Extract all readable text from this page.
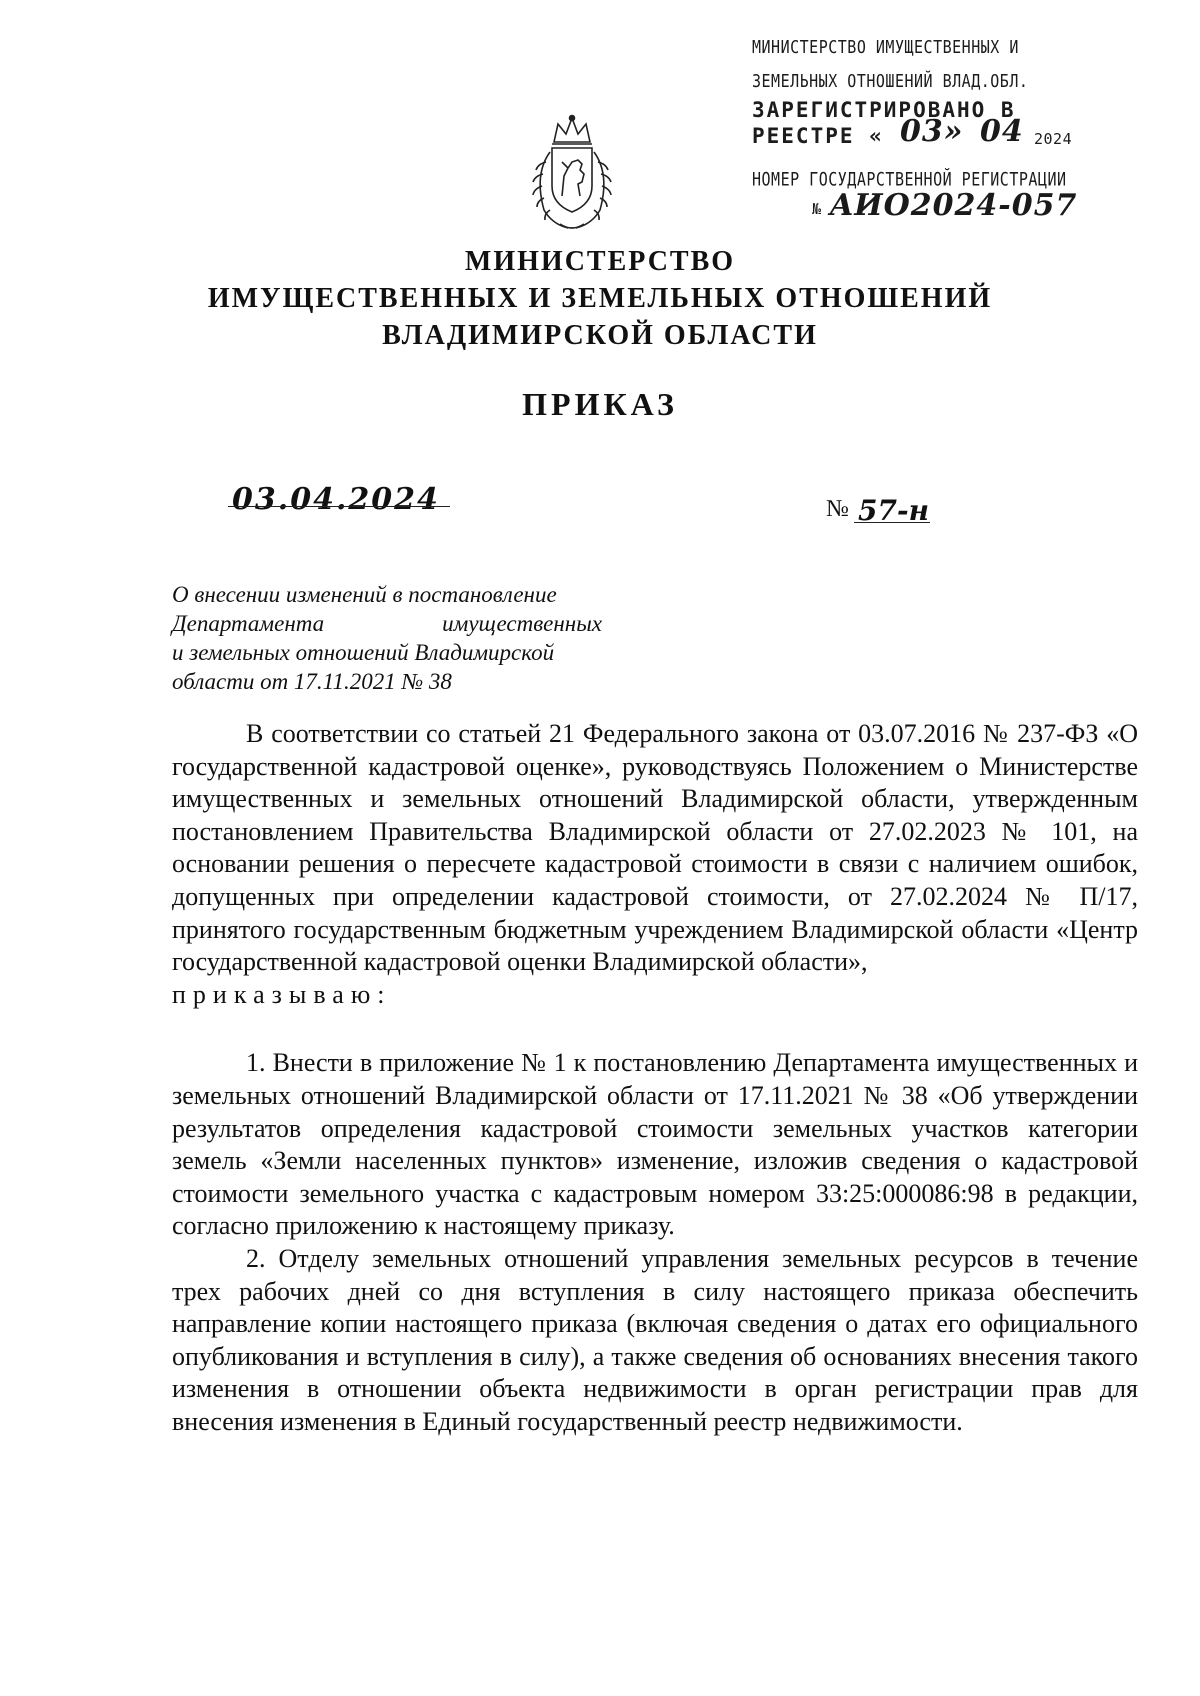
МИНИСТЕРСТВО ИМУЩЕСТВЕННЫХ И
ЗЕМЕЛЬНЫХ ОТНОШЕНИЙ ВЛАД.ОБЛ.
ЗАРЕГИСТРИРОВАНО В
РЕЕСТРЕ « 03» 04 2024
НОМЕР ГОСУДАРСТВЕННОЙ РЕГИСТРАЦИИ
№ AИО2024-057
МИНИСТЕРСТВО
ИМУЩЕСТВЕННЫХ И ЗЕМЕЛЬНЫХ ОТНОШЕНИЙ
ВЛАДИМИРСКОЙ ОБЛАСТИ
ПРИКАЗ
03.04.2024	№ 57-н
О внесении изменений в постановление
Департамента	имущественных
и земельных отношений Владимирской
области от 17.11.2021 № 38

В соответствии со статьей 21 Федерального закона от 03.07.2016 № 237-ФЗ «О государственной кадастровой оценке», руководствуясь Положением о Министерстве имущественных и земельных отношений Владимирской области, утвержденным постановлением Правительства Владимирской области от 27.02.2023 № 101, на основании решения о пересчете кадастровой стоимости в связи с наличием ошибок, допущенных при определении кадастровой стоимости, от 27.02.2024 № П/17, принятого государственным бюджетным учреждением Владимирской области «Центр государственной кадастровой оценки Владимирской области»,
приказываю:

1. Внести в приложение № 1 к постановлению Департамента имущественных и земельных отношений Владимирской области от 17.11.2021 № 38 «Об утверждении результатов определения кадастровой стоимости земельных участков категории земель «Земли населенных пунктов» изменение, изложив сведения о кадастровой стоимости земельного участка с кадастровым номером 33:25:000086:98 в редакции, согласно приложению к настоящему приказу.

2. Отделу земельных отношений управления земельных ресурсов в течение трех рабочих дней со дня вступления в силу настоящего приказа обеспечить направление копии настоящего приказа (включая сведения о датах его официального опубликования и вступления в силу), а также сведения об основаниях внесения такого изменения в отношении объекта недвижимости в орган регистрации прав для внесения изменения в Единый государственный реестр недвижимости.
